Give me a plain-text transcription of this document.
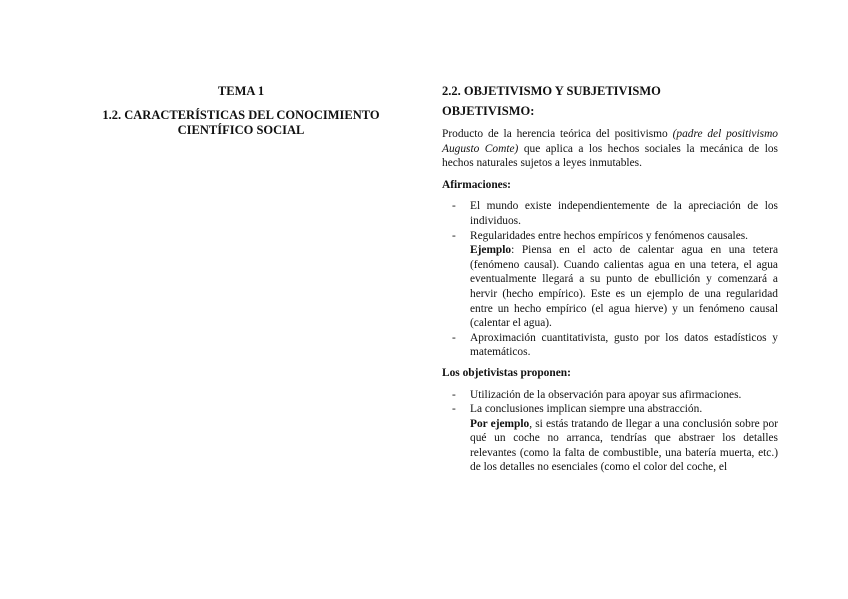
TEMA 1

1.2. CARACTERÍSTICAS DEL CONOCIMIENTO CIENTÍFICO SOCIAL

2.2. OBJETIVISMO Y SUBJETIVISMO
OBJETIVISMO:

Producto de la herencia teórica del positivismo (padre del positivismo Augusto Comte) que aplica a los hechos sociales la mecánica de los hechos naturales sujetos a leyes inmutables.

Afirmaciones:

- El mundo existe independientemente de la apreciación de los individuos.
- Regularidades entre hechos empíricos y fenómenos causales.

Ejemplo: Piensa en el acto de calentar agua en una tetera (fenómeno causal). Cuando calientas agua en una tetera, el agua eventualmente llegará a su punto de ebullición y comenzará a hervir (hecho empírico). Este es un ejemplo de una regularidad entre un hecho empírico (el agua hierve) y un fenómeno causal (calentar el agua).

- Aproximación cuantitativista, gusto por los datos estadísticos y matemáticos.

Los objetivistas proponen:

- Utilización de la observación para apoyar sus afirmaciones.
- La conclusiones implican siempre una abstracción.

Por ejemplo, si estás tratando de llegar a una conclusión sobre por qué un coche no arranca, tendrías que abstraer los detalles relevantes (como la falta de combustible, una batería muerta, etc.) de los detalles no esenciales (como el color del coche, el
